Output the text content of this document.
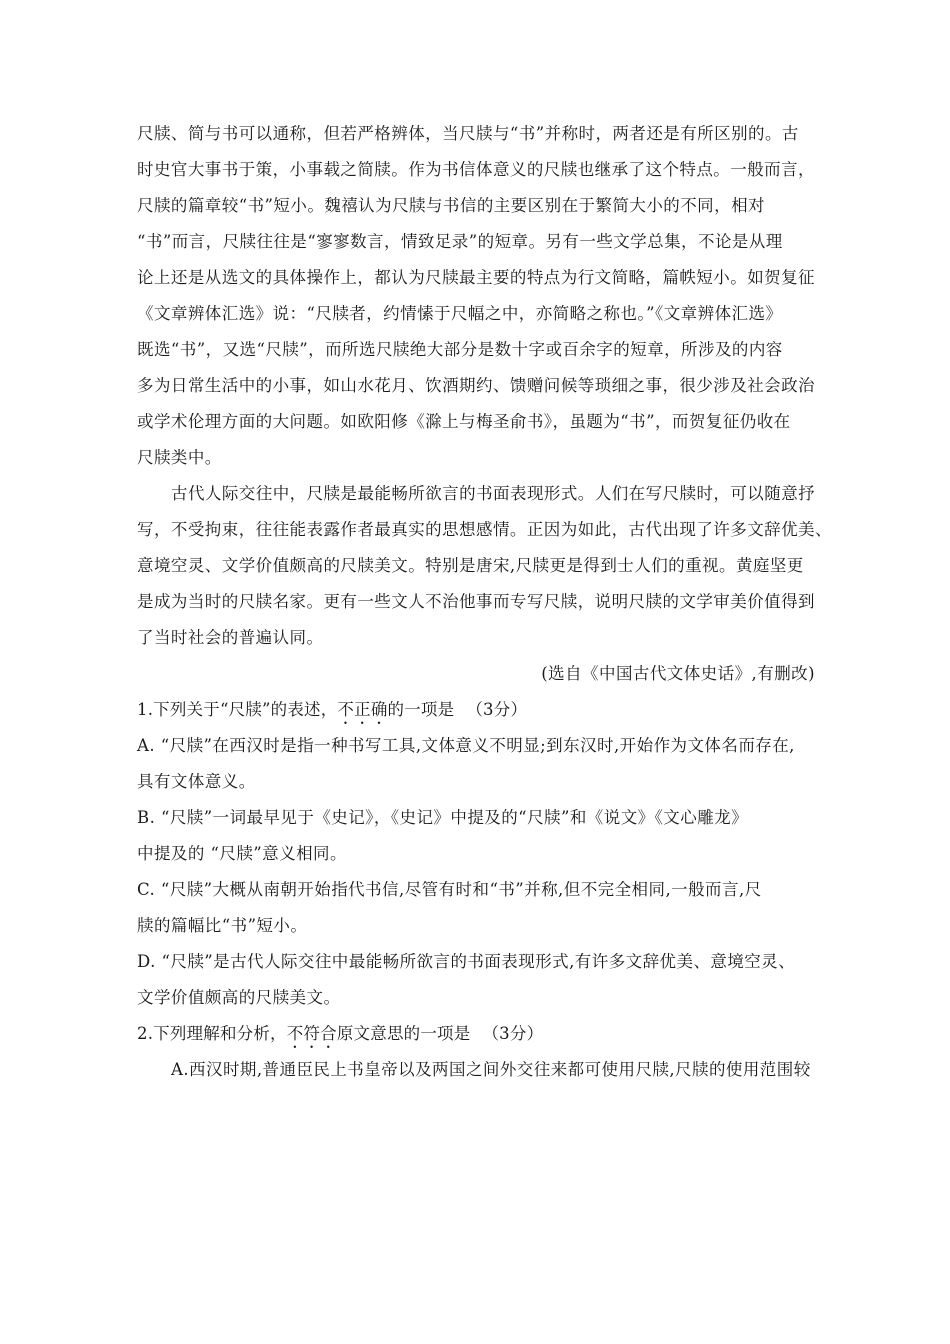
尺牍、简与书可以通称，但若严格辨体，当尺牍与“书”并称时，两者还是有所区别的。古
时史官大事书于策，小事载之简牍。作为书信体意义的尺牍也继承了这个特点。一般而言，
尺牍的篇章较“书”短小。魏禧认为尺牍与书信的主要区别在于繁简大小的不同，相对
“书”而言，尺牍往往是“寥寥数言，情致足录”的短章。另有一些文学总集，不论是从理
论上还是从选文的具体操作上，都认为尺牍最主要的特点为行文简略，篇帙短小。如贺复征
《文章辨体汇选》说：“尺牍者，约情愫于尺幅之中，亦简略之称也。”《文章辨体汇选》
既选“书”，又选“尺牍”，而所选尺牍绝大部分是数十字或百余字的短章，所涉及的内容
多为日常生活中的小事，如山水花月、饮酒期约、馈赠问候等琐细之事，很少涉及社会政治
或学术伦理方面的大问题。如欧阳修《滁上与梅圣俞书》，虽题为“书”，而贺复征仍收在
尺牍类中。
古代人际交往中，尺牍是最能畅所欲言的书面表现形式。人们在写尺牍时，可以随意抒
写，不受拘束，往往能表露作者最真实的思想感情。正因为如此，古代出现了许多文辞优美、
意境空灵、文学价值颇高的尺牍美文。特别是唐宋,尺牍更是得到士人们的重视。黄庭坚更
是成为当时的尺牍名家。更有一些文人不治他事而专写尺牍，说明尺牍的文学审美价值得到
了当时社会的普遍认同。
(选自《中国古代文体史话》,有删改)
1.下列关于“尺牍”的表述，不正确的一项是 （3分）
A. “尺牍”在西汉时是指一种书写工具,文体意义不明显;到东汉时,开始作为文体名而存在,
具有文体意义。
B. “尺牍”一词最早见于《史记》，《史记》中提及的“尺牍”和《说文》《文心雕龙》
中提及的 “尺牍”意义相同。
C. “尺牍”大概从南朝开始指代书信,尽管有时和“书”并称,但不完全相同,一般而言,尺
牍的篇幅比“书”短小。
D. “尺牍”是古代人际交往中最能畅所欲言的书面表现形式,有许多文辞优美、意境空灵、
文学价值颇高的尺牍美文。
2.下列理解和分析，不符合原文意思的一项是 （3分）
A.西汉时期,普通臣民上书皇帝以及两国之间外交往来都可使用尺牍,尺牍的使用范围较
